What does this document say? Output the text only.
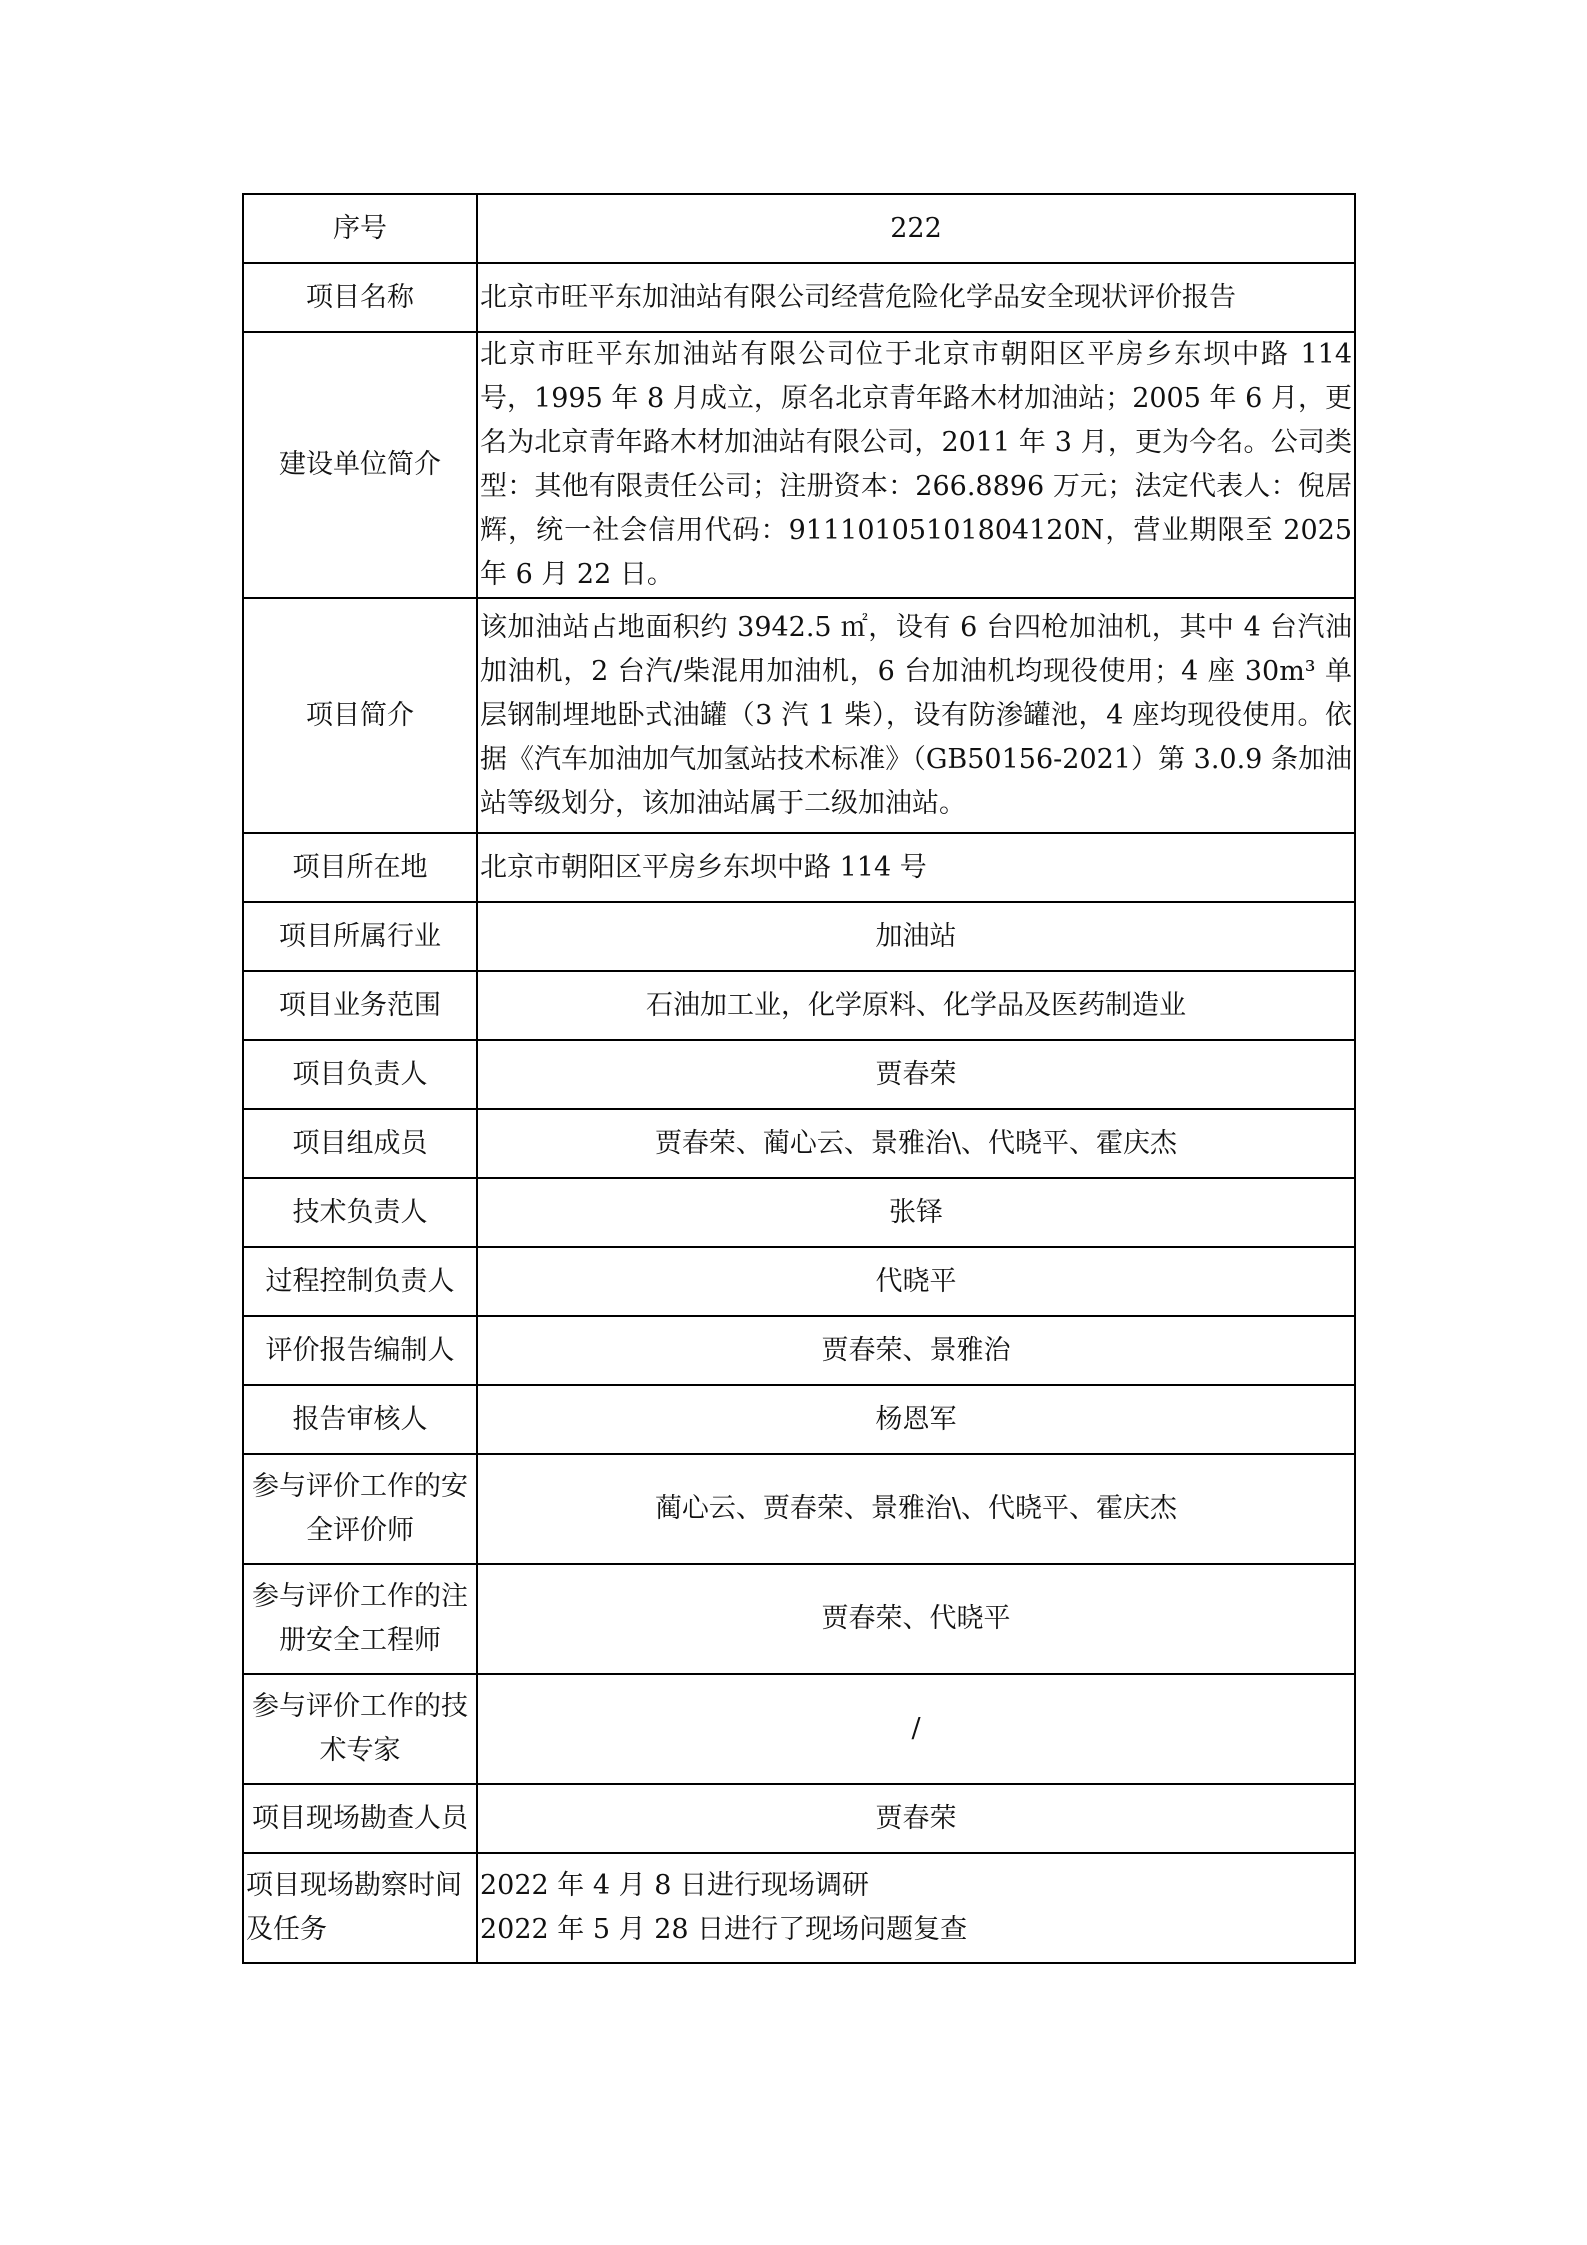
序号	222
项目名称	北京市旺平东加油站有限公司经营危险化学品安全现状评价报告
建设单位简介	北京市旺平东加油站有限公司位于北京市朝阳区平房乡东坝中路 114 号，1995 年 8 月成立，原名北京青年路木材加油站；2005 年 6 月，更名为北京青年路木材加油站有限公司，2011 年 3 月，更为今名。公司类型：其他有限责任公司；注册资本：266.8896 万元；法定代表人：倪居辉，统一社会信用代码：91110105101804120N，营业期限至 2025 年 6 月 22 日。
项目简介	该加油站占地面积约 3942.5 ㎡，设有 6 台四枪加油机，其中 4 台汽油加油机，2 台汽/柴混用加油机，6 台加油机均现役使用；4 座 30m³ 单层钢制埋地卧式油罐（3 汽 1 柴），设有防渗罐池，4 座均现役使用。依据《汽车加油加气加氢站技术标准》（GB50156-2021）第 3.0.9 条加油站等级划分，该加油站属于二级加油站。
项目所在地	北京市朝阳区平房乡东坝中路 114 号
项目所属行业	加油站
项目业务范围	石油加工业，化学原料、化学品及医药制造业
项目负责人	贾春荣
项目组成员	贾春荣、蔺心云、景雅治\、代晓平、霍庆杰
技术负责人	张铎
过程控制负责人	代晓平
评价报告编制人	贾春荣、景雅治
报告审核人	杨恩军
参与评价工作的安全评价师	蔺心云、贾春荣、景雅治\、代晓平、霍庆杰
参与评价工作的注册安全工程师	贾春荣、代晓平
参与评价工作的技术专家	/
项目现场勘查人员	贾春荣
项目现场勘察时间及任务	2022 年 4 月 8 日进行现场调研
2022 年 5 月 28 日进行了现场问题复查
